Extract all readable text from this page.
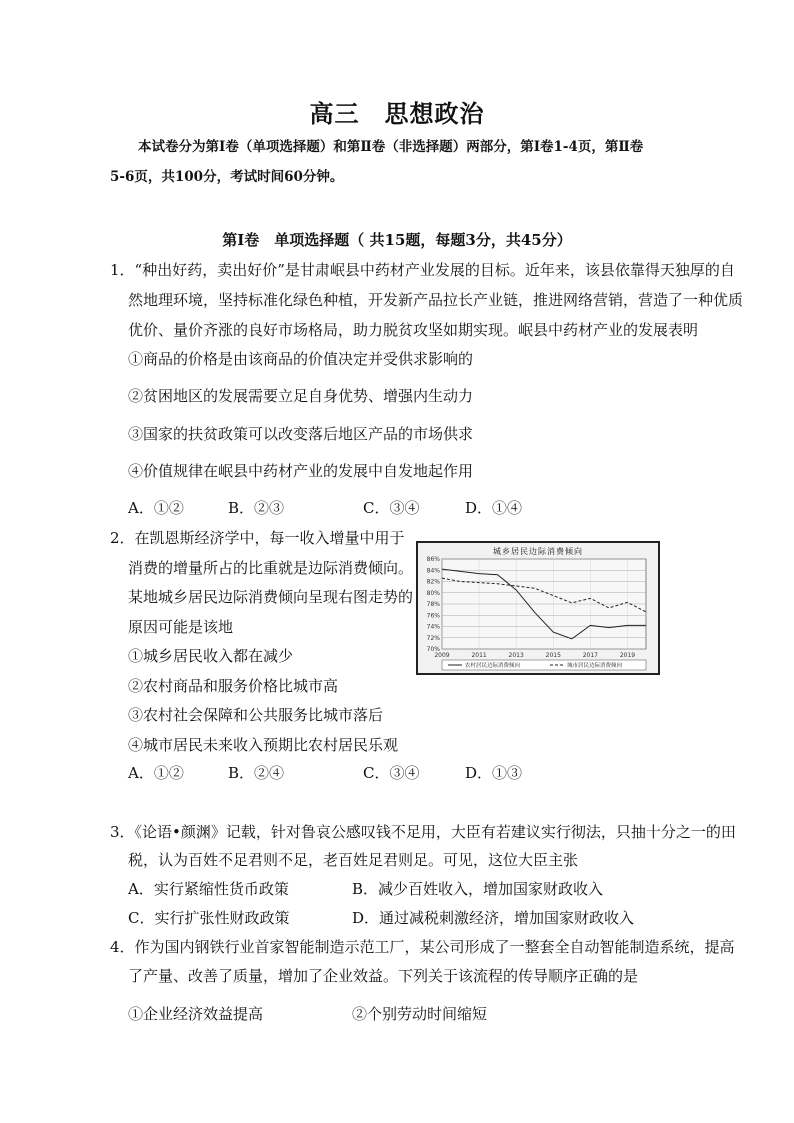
高三　思想政治
本试卷分为第Ⅰ卷（单项选择题）和第Ⅱ卷（非选择题）两部分，第Ⅰ卷1-4页，第Ⅱ卷
5-6页，共100分，考试时间60分钟。
第Ⅰ卷　单项选择题（ 共15题，每题3分，共45分）
1．“种出好药，卖出好价”是甘肃岷县中药材产业发展的目标。近年来，该县依靠得天独厚的自
然地理环境，坚持标准化绿色种植，开发新产品拉长产业链，推进网络营销，营造了一种优质
优价、量价齐涨的良好市场格局，助力脱贫攻坚如期实现。岷县中药材产业的发展表明
①商品的价格是由该商品的价值决定并受供求影响的
②贫困地区的发展需要立足自身优势、增强内生动力
③国家的扶贫政策可以改变落后地区产品的市场供求
④价值规律在岷县中药材产业的发展中自发地起作用
A．①②	B．②③	C．③④	D．①④
2．在凯恩斯经济学中，每一收入增量中用于
消费的增量所占的比重就是边际消费倾向。
某地城乡居民边际消费倾向呈现右图走势的
原因可能是该地
①城乡居民收入都在减少
②农村商品和服务价格比城市高
③农村社会保障和公共服务比城市落后
④城市居民未来收入预期比农村居民乐观
A．①②	B．②④	C．③④	D．①③
城乡居民边际消费倾向
86%
84%
82%
80%
78%
76%
74%
72%
70%
2009	2011	2013	2015	2017	2019
农村居民边际消费倾向	城市居民边际消费倾向
3．《论语•颜渊》记载，针对鲁哀公感叹钱不足用，大臣有若建议实行彻法，只抽十分之一的田
税，认为百姓不足君则不足，老百姓足君则足。可见，这位大臣主张
A．实行紧缩性货币政策	B．减少百姓收入，增加国家财政收入
C．实行扩张性财政政策	D．通过减税刺激经济，增加国家财政收入
4．作为国内钢铁行业首家智能制造示范工厂，某公司形成了一整套全自动智能制造系统，提高
了产量、改善了质量，增加了企业效益。下列关于该流程的传导顺序正确的是
①企业经济效益提高	②个别劳动时间缩短
